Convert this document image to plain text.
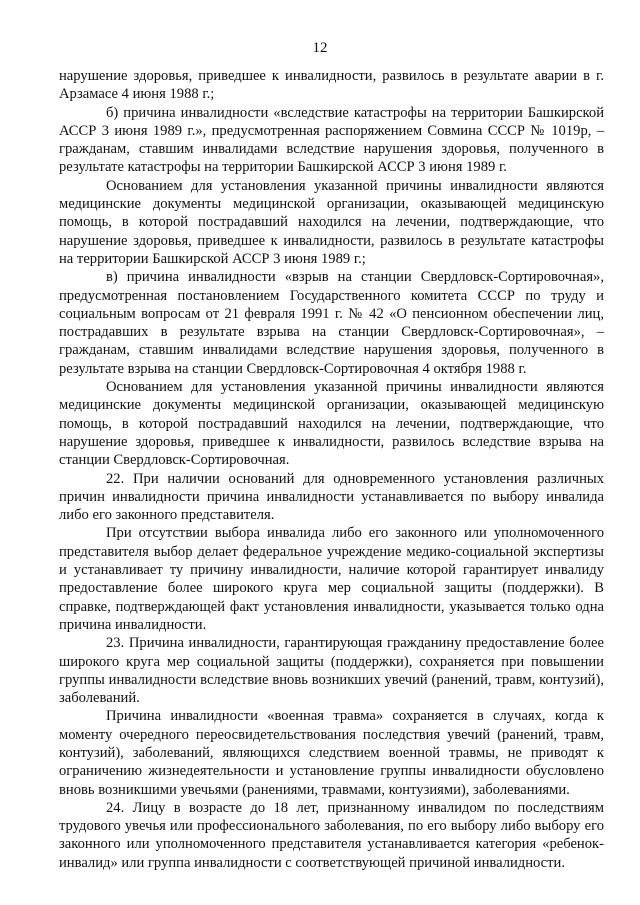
12

нарушение здоровья, приведшее к инвалидности, развилось в результате аварии в г. Арзамасе 4 июня 1988 г.;

б) причина инвалидности «вследствие катастрофы на территории Башкирской АССР 3 июня 1989 г.», предусмотренная распоряжением Совмина СССР № 1019р, – гражданам, ставшим инвалидами вследствие нарушения здоровья, полученного в результате катастрофы на территории Башкирской АССР 3 июня 1989 г.

Основанием для установления указанной причины инвалидности являются медицинские документы медицинской организации, оказывающей медицинскую помощь, в которой пострадавший находился на лечении, подтверждающие, что нарушение здоровья, приведшее к инвалидности, развилось в результате катастрофы на территории Башкирской АССР 3 июня 1989 г.;

в) причина инвалидности «взрыв на станции Свердловск-Сортировочная», предусмотренная постановлением Государственного комитета СССР по труду и социальным вопросам от 21 февраля 1991 г. № 42 «О пенсионном обеспечении лиц, пострадавших в результате взрыва на станции Свердловск-Сортировочная», – гражданам, ставшим инвалидами вследствие нарушения здоровья, полученного в результате взрыва на станции Свердловск-Сортировочная 4 октября 1988 г.

Основанием для установления указанной причины инвалидности являются медицинские документы медицинской организации, оказывающей медицинскую помощь, в которой пострадавший находился на лечении, подтверждающие, что нарушение здоровья, приведшее к инвалидности, развилось вследствие взрыва на станции Свердловск-Сортировочная.

22. При наличии оснований для одновременного установления различных причин инвалидности причина инвалидности устанавливается по выбору инвалида либо его законного представителя.

При отсутствии выбора инвалида либо его законного или уполномоченного представителя выбор делает федеральное учреждение медико-социальной экспертизы и устанавливает ту причину инвалидности, наличие которой гарантирует инвалиду предоставление более широкого круга мер социальной защиты (поддержки). В справке, подтверждающей факт установления инвалидности, указывается только одна причина инвалидности.

23. Причина инвалидности, гарантирующая гражданину предоставление более широкого круга мер социальной защиты (поддержки), сохраняется при повышении группы инвалидности вследствие вновь возникших увечий (ранений, травм, контузий), заболеваний.

Причина инвалидности «военная травма» сохраняется в случаях, когда к моменту очередного переосвидетельствования последствия увечий (ранений, травм, контузий), заболеваний, являющихся следствием военной травмы, не приводят к ограничению жизнедеятельности и установление группы инвалидности обусловлено вновь возникшими увечьями (ранениями, травмами, контузиями), заболеваниями.

24. Лицу в возрасте до 18 лет, признанному инвалидом по последствиям трудового увечья или профессионального заболевания, по его выбору либо выбору его законного или уполномоченного представителя устанавливается категория «ребенок-инвалид» или группа инвалидности с соответствующей причиной инвалидности.
